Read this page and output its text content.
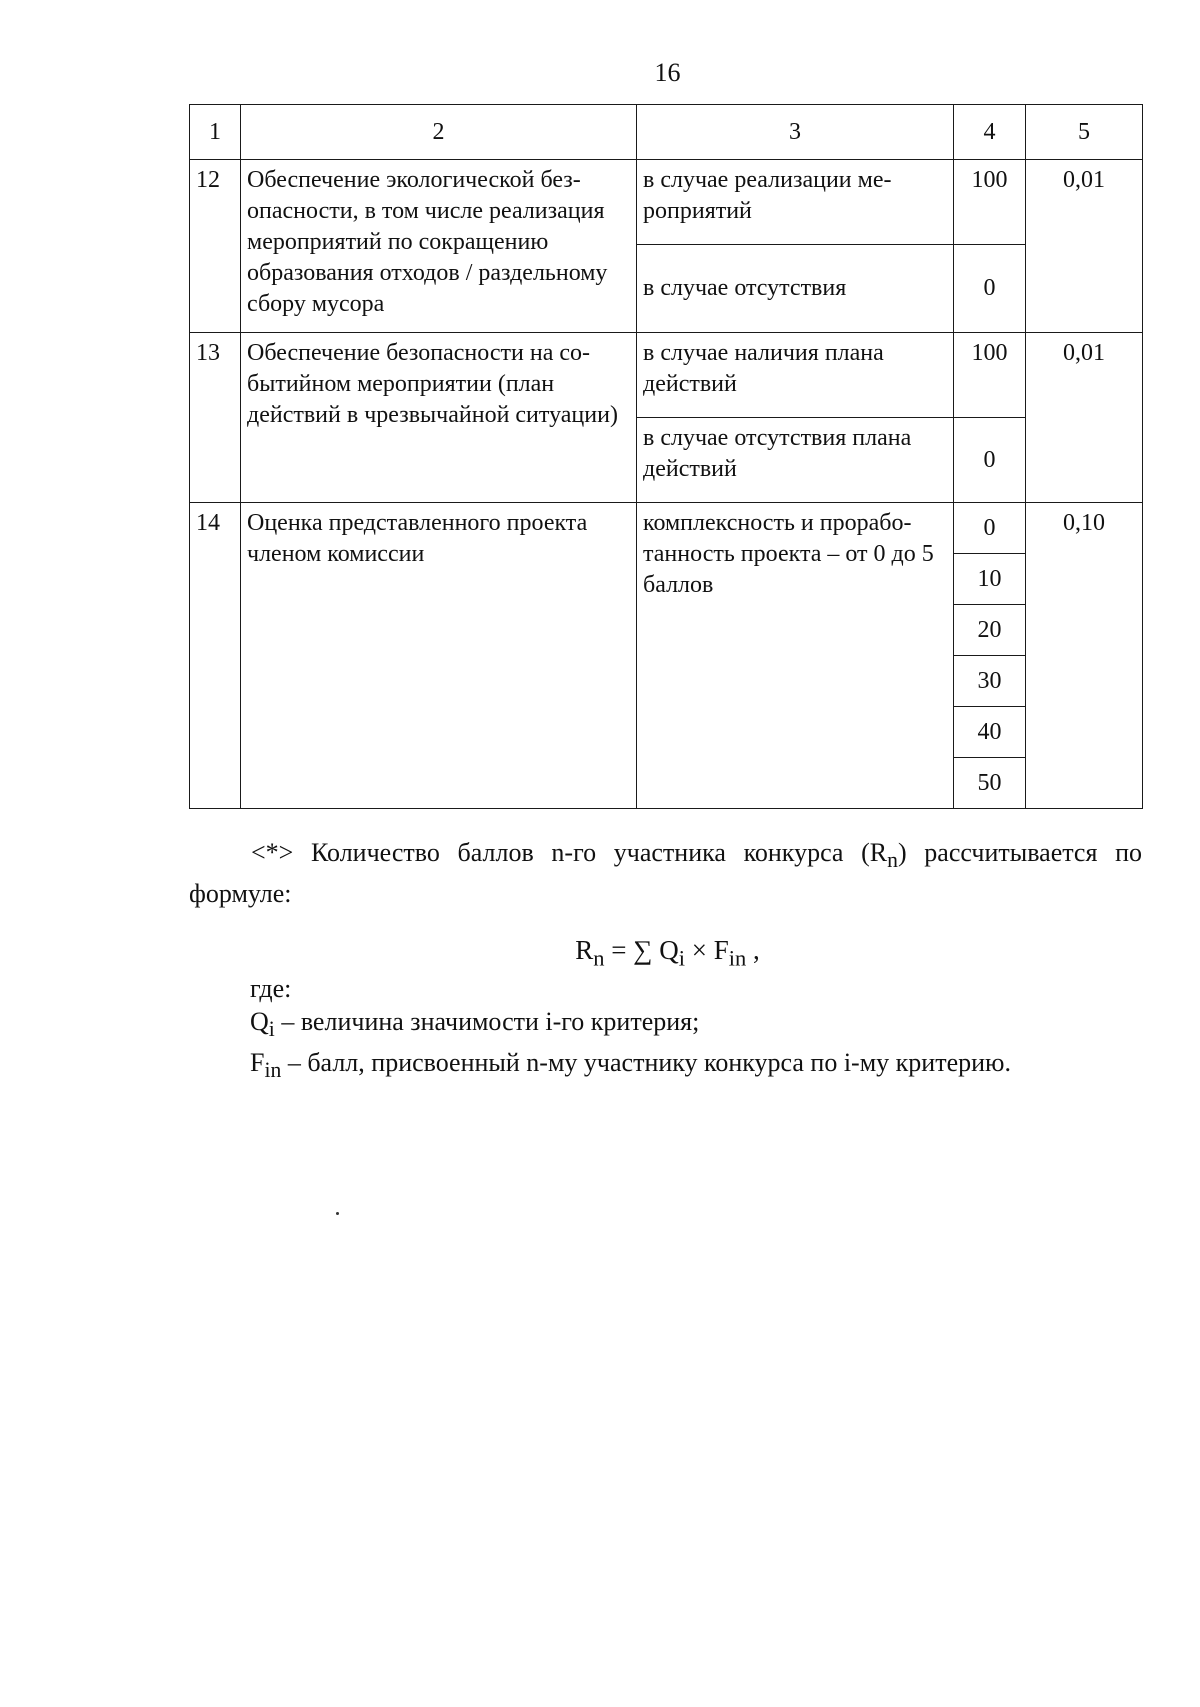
16
1	2	3	4	5
12	Обеспечение экологической безопасности, в том числе реализация мероприятий по сокращению образования отходов / раздельному сбору мусора	в случае реализации мероприятий	100	0,01
		в случае отсутствия	0	
13	Обеспечение безопасности на событийном мероприятии (план действий в чрезвычайной ситуации)	в случае наличия плана действий	100	0,01
		в случае отсутствия плана действий	0	
14	Оценка представленного проекта членом комиссии	комплексность и проработанность проекта – от 0 до 5 баллов	0	0,10
			10	
			20	
			30	
			40	
			50	
<*> Количество баллов n-го участника конкурса $(R_n)$ рассчитывается по формуле:
$R_n$ = ∑ $Q_i \times F_{in}$ ,
где:
$Q_i$ – величина значимости i-го критерия;
$F_{in}$ – балл, присвоенный n-му участнику конкурса по i-му критерию.
